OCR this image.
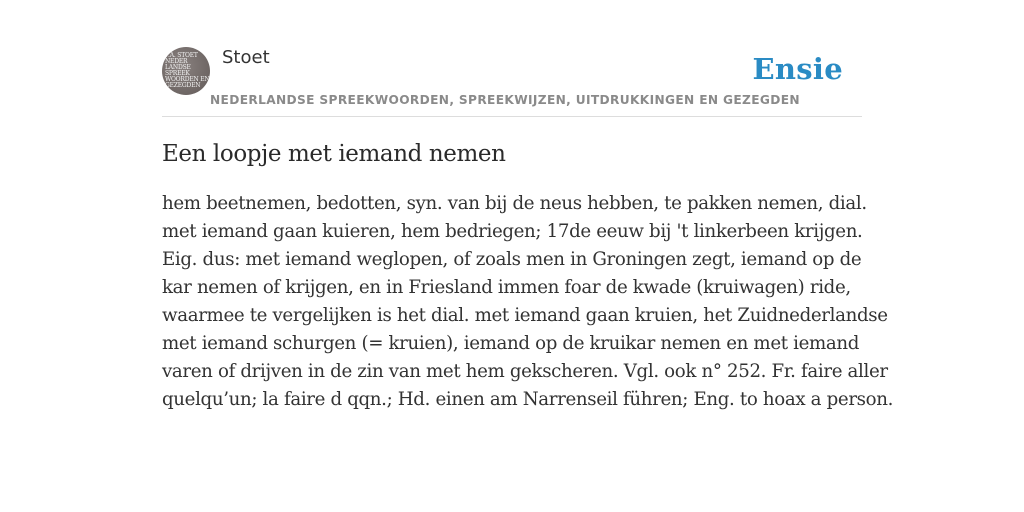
F.A. STOET
NEDER
LANDSE
SPREEK
WOORDEN EN
GEZEGDEN
Stoet	Ensie
NEDERLANDSE SPREEKWOORDEN, SPREEKWIJZEN, UITDRUKKINGEN EN GEZEGDEN
Een loopje met iemand nemen
hem beetnemen, bedotten, syn. van bij de neus hebben, te pakken nemen, dial.
met iemand gaan kuieren, hem bedriegen; 17de eeuw bij 't linkerbeen krijgen.
Eig. dus: met iemand weglopen, of zoals men in Groningen zegt, iemand op de
kar nemen of krijgen, en in Friesland immen foar de kwade (kruiwagen) ride,
waarmee te vergelijken is het dial. met iemand gaan kruien, het Zuidnederlandse
met iemand schurgen (= kruien), iemand op de kruikar nemen en met iemand
varen of drijven in de zin van met hem gekscheren. Vgl. ook n° 252. Fr. faire aller
quelqu’un; la faire d qqn.; Hd. einen am Narrenseil führen; Eng. to hoax a person.
